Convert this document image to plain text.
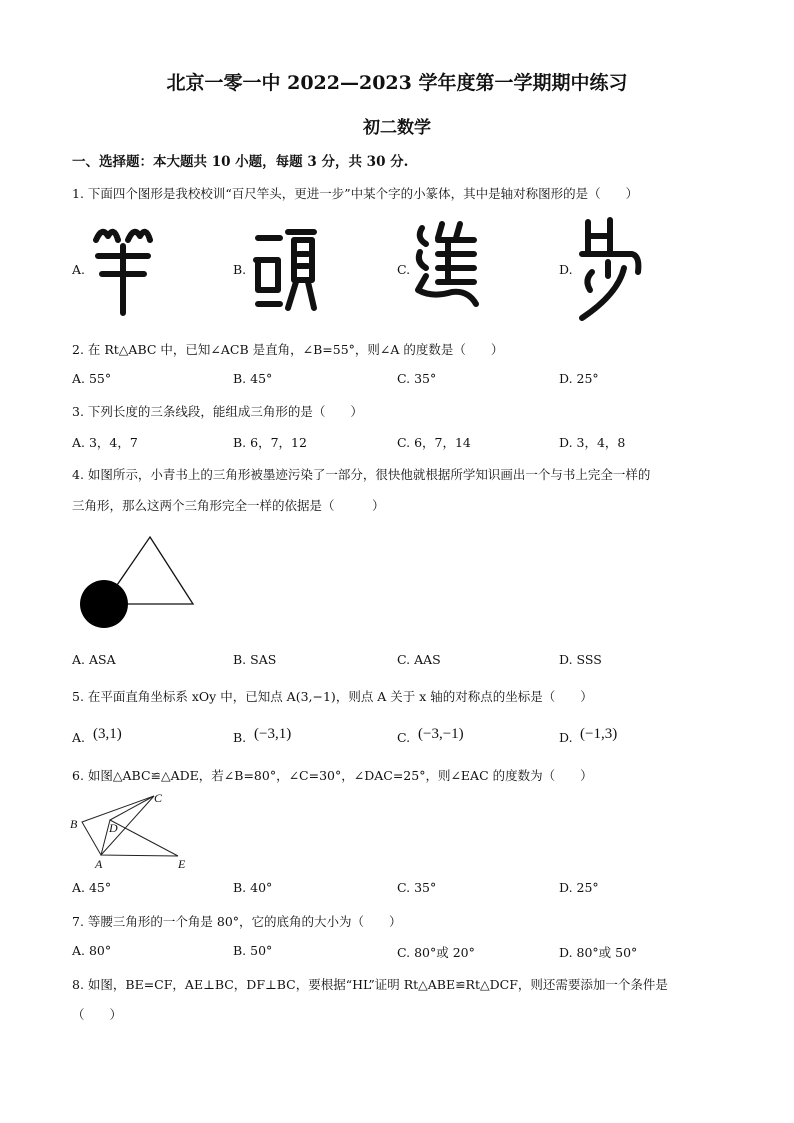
北京一零一中 2022—2023 学年度第一学期期中练习
初二数学
一、选择题：本大题共 10 小题，每题 3 分，共 30 分.
1. 下面四个图形是我校校训“百尺竿头，更进一步”中某个字的小篆体，其中是轴对称图形的是（　　）
A.	B.	C.	D.
2. 在 Rt△ABC 中，已知∠ACB 是直角，∠B=55°，则∠A 的度数是（　　）
A. 55°	B. 45°	C. 35°	D. 25°
3. 下列长度的三条线段，能组成三角形的是（　　）
A. 3，4，7	B. 6，7，12	C. 6，7，14	D. 3，4，8
4. 如图所示，小青书上的三角形被墨迹污染了一部分，很快他就根据所学知识画出一个与书上完全一样的
三角形，那么这两个三角形完全一样的依据是（　　　）
A. ASA	B. SAS	C. AAS	D. SSS
5. 在平面直角坐标系 xOy 中，已知点 A(3,−1)，则点 A 关于 x 轴的对称点的坐标是（　　）
A. (3,1)	B. (−3,1)	C. (−3,−1)	D. (−1,3)
6. 如图△ABC≌△ADE，若∠B=80°，∠C=30°，∠DAC=25°，则∠EAC 的度数为（　　）
B
C
D
A	E
A. 45°	B. 40°	C. 35°	D. 25°
7. 等腰三角形的一个角是 80°，它的底角的大小为（　　）
A. 80°	B. 50°	C. 80°或 20°	D. 80°或 50°
8. 如图，BE=CF，AE⊥BC，DF⊥BC，要根据“HL”证明 Rt△ABE≌Rt△DCF，则还需要添加一个条件是
（　　）
